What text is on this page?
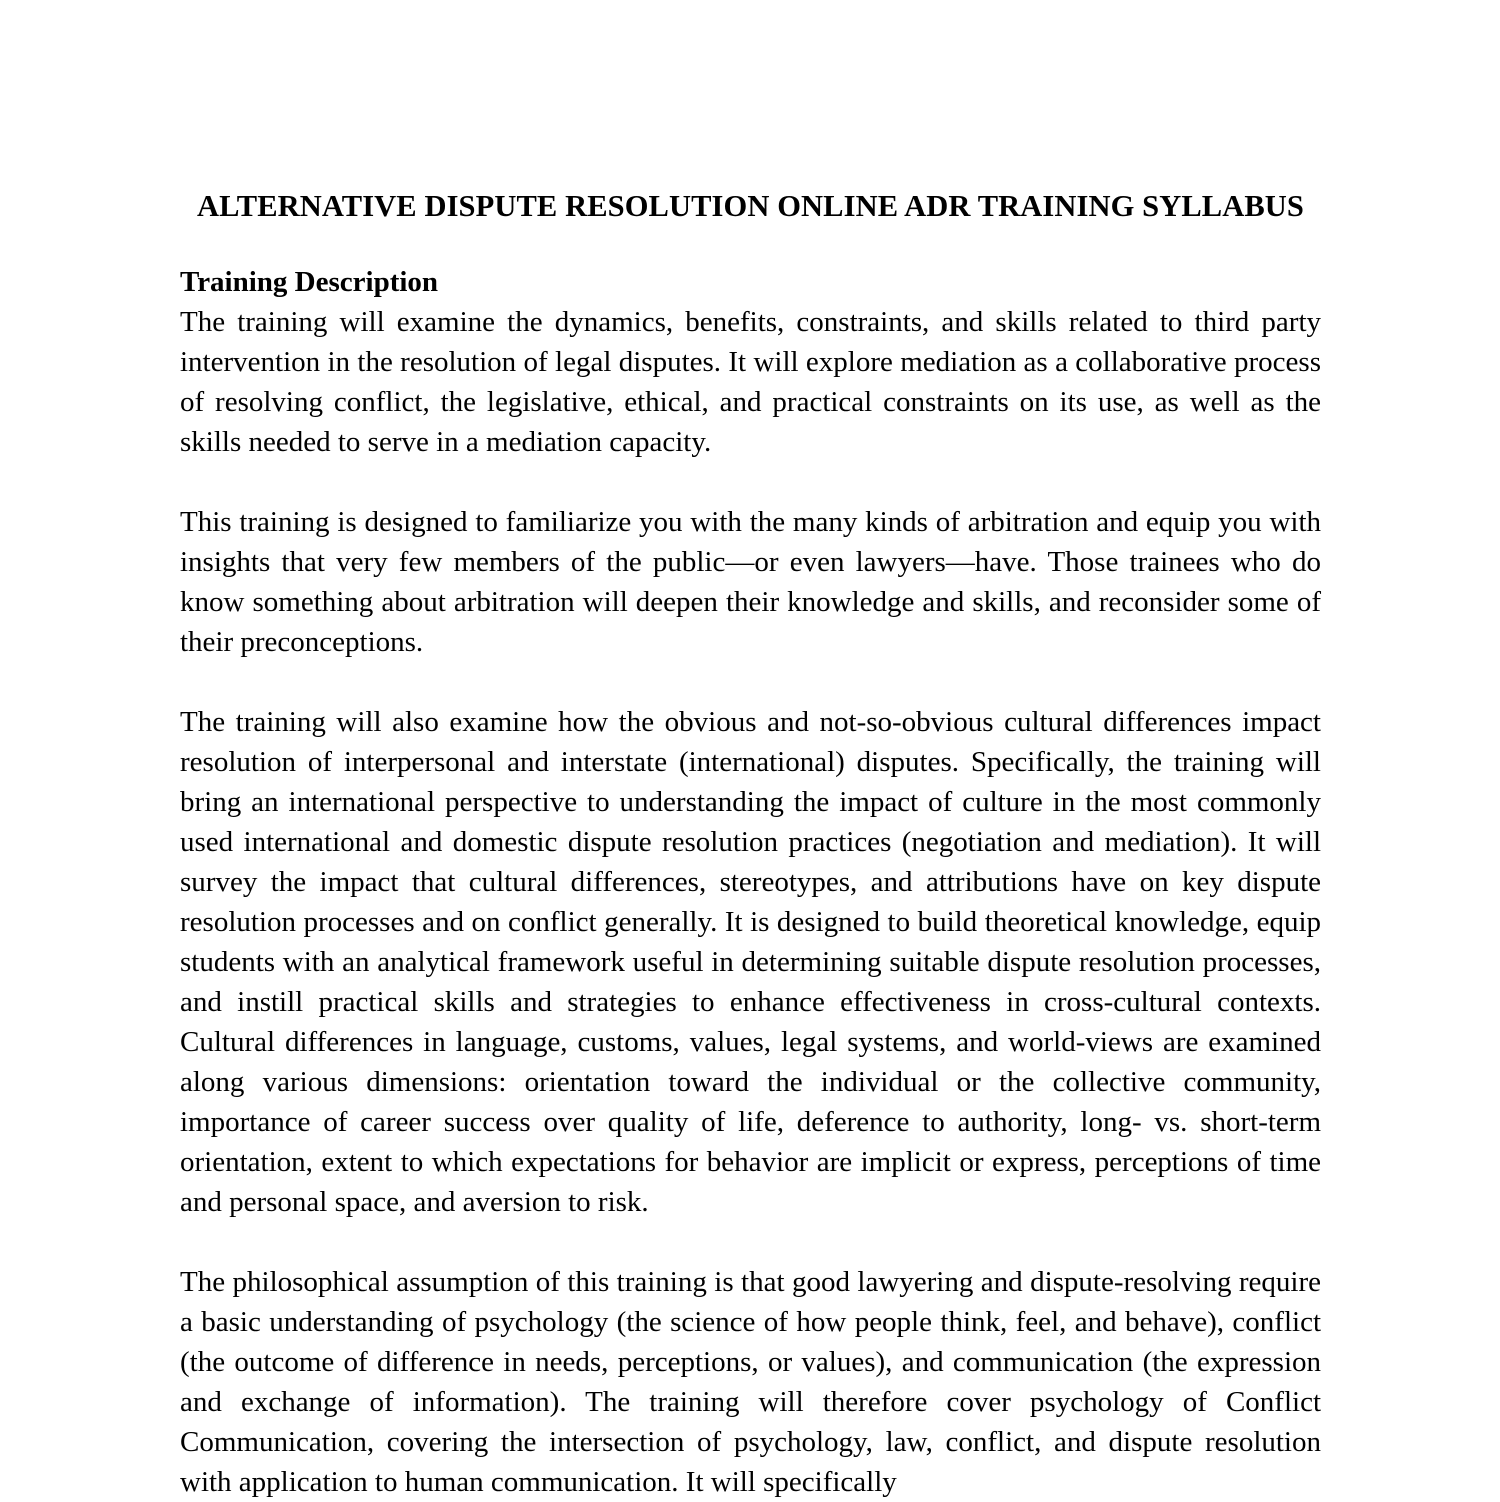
ALTERNATIVE DISPUTE RESOLUTION ONLINE ADR TRAINING SYLLABUS
Training Description

The training will examine the dynamics, benefits, constraints, and skills related to third party intervention in the resolution of legal disputes. It will explore mediation as a collaborative process of resolving conflict, the legislative, ethical, and practical constraints on its use, as well as the skills needed to serve in a mediation capacity.

This training is designed to familiarize you with the many kinds of arbitration and equip you with insights that very few members of the public—or even lawyers—have. Those trainees who do know something about arbitration will deepen their knowledge and skills, and reconsider some of their preconceptions.

The training will also examine how the obvious and not-so-obvious cultural differences impact resolution of interpersonal and interstate (international) disputes. Specifically, the training will bring an international perspective to understanding the impact of culture in the most commonly used international and domestic dispute resolution practices (negotiation and mediation). It will survey the impact that cultural differences, stereotypes, and attributions have on key dispute resolution processes and on conflict generally. It is designed to build theoretical knowledge, equip students with an analytical framework useful in determining suitable dispute resolution processes, and instill practical skills and strategies to enhance effectiveness in cross-cultural contexts. Cultural differences in language, customs, values, legal systems, and world-views are examined along various dimensions: orientation toward the individual or the collective community, importance of career success over quality of life, deference to authority, long- vs. short-term orientation, extent to which expectations for behavior are implicit or express, perceptions of time and personal space, and aversion to risk.

The philosophical assumption of this training is that good lawyering and dispute-resolving require a basic understanding of psychology (the science of how people think, feel, and behave), conflict (the outcome of difference in needs, perceptions, or values), and communication (the expression and exchange of information). The training will therefore cover psychology of Conflict Communication, covering the intersection of psychology, law, conflict, and dispute resolution with application to human communication. It will specifically
